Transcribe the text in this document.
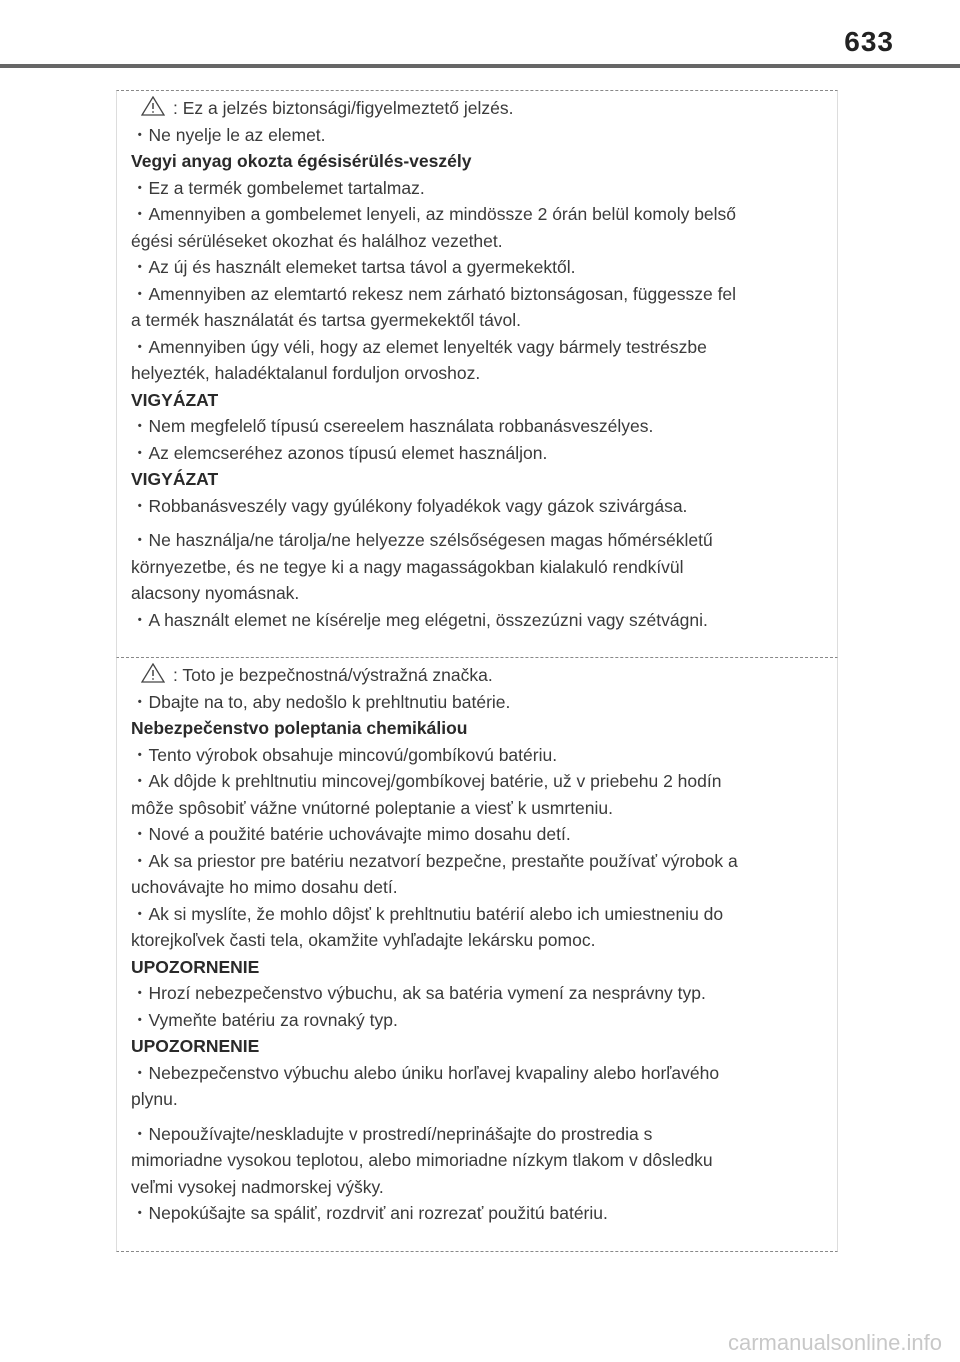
633
: Ez a jelzés biztonsági/figyelmeztető jelzés.
・Ne nyelje le az elemet.
Vegyi anyag okozta égésisérülés-veszély
・Ez a termék gombelemet tartalmaz.
・Amennyiben a gombelemet lenyeli, az mindössze 2 órán belül komoly belső
égési sérüléseket okozhat és halálhoz vezethet.
・Az új és használt elemeket tartsa távol a gyermekektől.
・Amennyiben az elemtartó rekesz nem zárható biztonságosan, függessze fel
a termék használatát és tartsa gyermekektől távol.
・Amennyiben úgy véli, hogy az elemet lenyelték vagy bármely testrészbe
helyezték, haladéktalanul forduljon orvoshoz.
VIGYÁZAT
・Nem megfelelő típusú csereelem használata robbanásveszélyes.
・Az elemcseréhez azonos típusú elemet használjon.
VIGYÁZAT
・Robbanásveszély vagy gyúlékony folyadékok vagy gázok szivárgása.
・Ne használja/ne tárolja/ne helyezze szélsőségesen magas hőmérsékletű
környezetbe, és ne tegye ki a nagy magasságokban kialakuló rendkívül
alacsony nyomásnak.
・A használt elemet ne kísérelje meg elégetni, összezúzni vagy szétvágni.
: Toto je bezpečnostná/výstražná značka.
・Dbajte na to, aby nedošlo k prehltnutiu batérie.
Nebezpečenstvo poleptania chemikáliou
・Tento výrobok obsahuje mincovú/gombíkovú batériu.
・Ak dôjde k prehltnutiu mincovej/gombíkovej batérie, už v priebehu 2 hodín
môže spôsobiť vážne vnútorné poleptanie a viesť k usmrteniu.
・Nové a použité batérie uchovávajte mimo dosahu detí.
・Ak sa priestor pre batériu nezatvorí bezpečne, prestaňte používať výrobok a
uchovávajte ho mimo dosahu detí.
・Ak si myslíte, že mohlo dôjsť k prehltnutiu batérií alebo ich umiestneniu do
ktorejkoľvek časti tela, okamžite vyhľadajte lekársku pomoc.
UPOZORNENIE
・Hrozí nebezpečenstvo výbuchu, ak sa batéria vymení za nesprávny typ.
・Vymeňte batériu za rovnaký typ.
UPOZORNENIE
・Nebezpečenstvo výbuchu alebo úniku horľavej kvapaliny alebo horľavého
plynu.
・Nepoužívajte/neskladujte v prostredí/neprinášajte do prostredia s
mimoriadne vysokou teplotou, alebo mimoriadne nízkym tlakom v dôsledku
veľmi vysokej nadmorskej výšky.
・Nepokúšajte sa spáliť, rozdrviť ani rozrezať použitú batériu.
carmanualsonline.info
